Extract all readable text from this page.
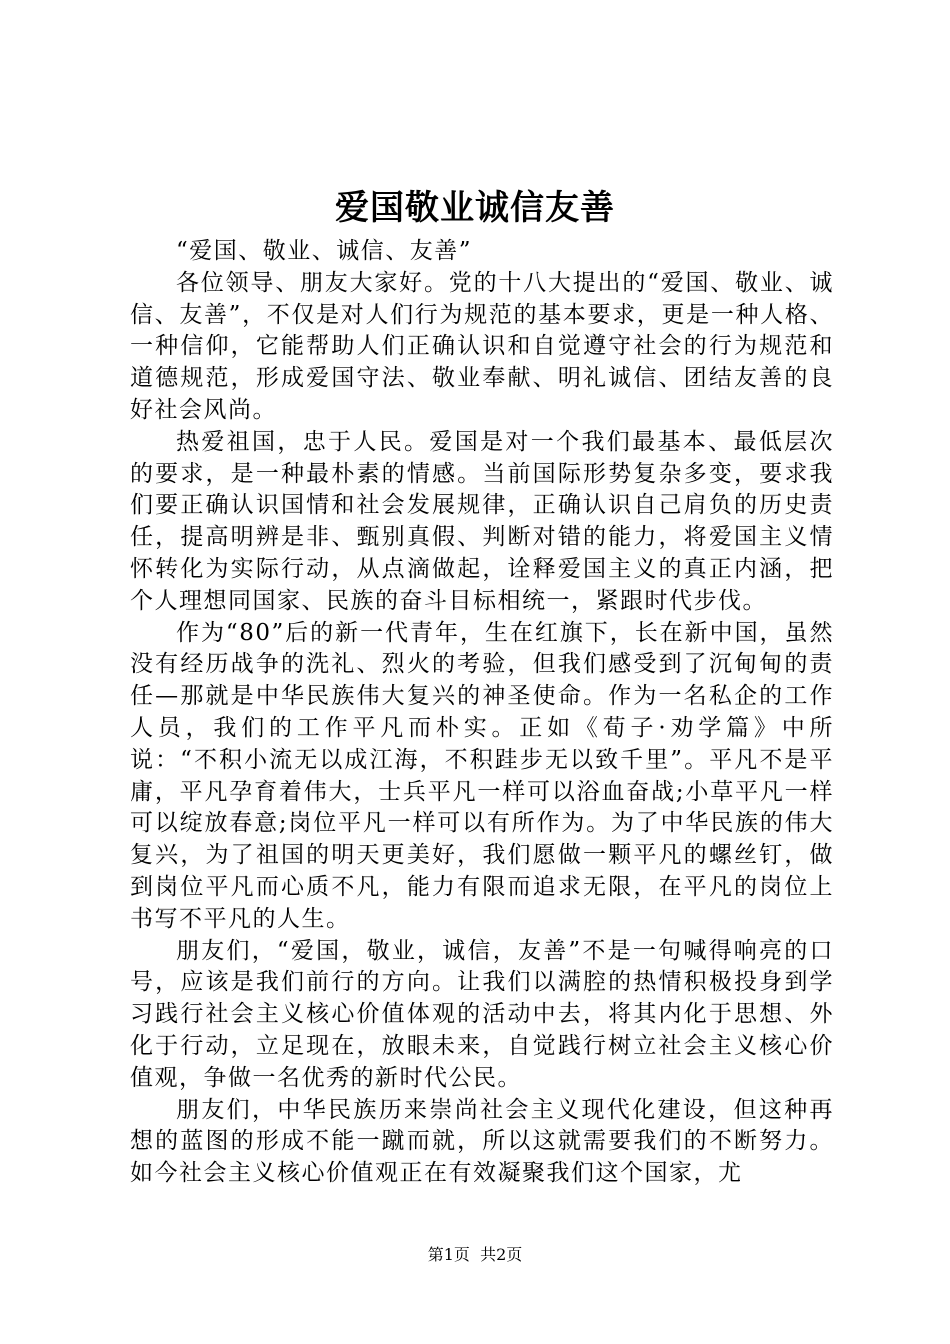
爱国敬业诚信友善

“爱国、敬业、诚信、友善”

各位领导、朋友大家好。党的十八大提出的“爱国、敬业、诚信、友善”，不仅是对人们行为规范的基本要求，更是一种人格、一种信仰，它能帮助人们正确认识和自觉遵守社会的行为规范和道德规范，形成爱国守法、敬业奉献、明礼诚信、团结友善的良好社会风尚。

热爱祖国，忠于人民。爱国是对一个我们最基本、最低层次的要求，是一种最朴素的情感。当前国际形势复杂多变，要求我们要正确认识国情和社会发展规律，正确认识自己肩负的历史责任，提高明辨是非、甄别真假、判断对错的能力，将爱国主义情怀转化为实际行动，从点滴做起，诠释爱国主义的真正内涵，把个人理想同国家、民族的奋斗目标相统一，紧跟时代步伐。

作为“80”后的新一代青年，生在红旗下，长在新中国，虽然没有经历战争的洗礼、烈火的考验，但我们感受到了沉甸甸的责任—那就是中华民族伟大复兴的神圣使命。作为一名私企的工作人员，我们的工作平凡而朴实。正如《荀子·劝学篇》中所说：“不积小流无以成江海，不积跬步无以致千里”。平凡不是平庸，平凡孕育着伟大，士兵平凡一样可以浴血奋战;小草平凡一样可以绽放春意;岗位平凡一样可以有所作为。为了中华民族的伟大复兴，为了祖国的明天更美好，我们愿做一颗平凡的螺丝钉，做到岗位平凡而心质不凡，能力有限而追求无限，在平凡的岗位上书写不平凡的人生。

朋友们，“爱国，敬业，诚信，友善”不是一句喊得响亮的口号，应该是我们前行的方向。让我们以满腔的热情积极投身到学习践行社会主义核心价值体观的活动中去，将其内化于思想、外化于行动，立足现在，放眼未来，自觉践行树立社会主义核心价值观，争做一名优秀的新时代公民。

朋友们，中华民族历来崇尚社会主义现代化建设，但这种再想的蓝图的形成不能一蹴而就，所以这就需要我们的不断努力。如今社会主义核心价值观正在有效凝聚我们这个国家，尤

第1页  共2页
